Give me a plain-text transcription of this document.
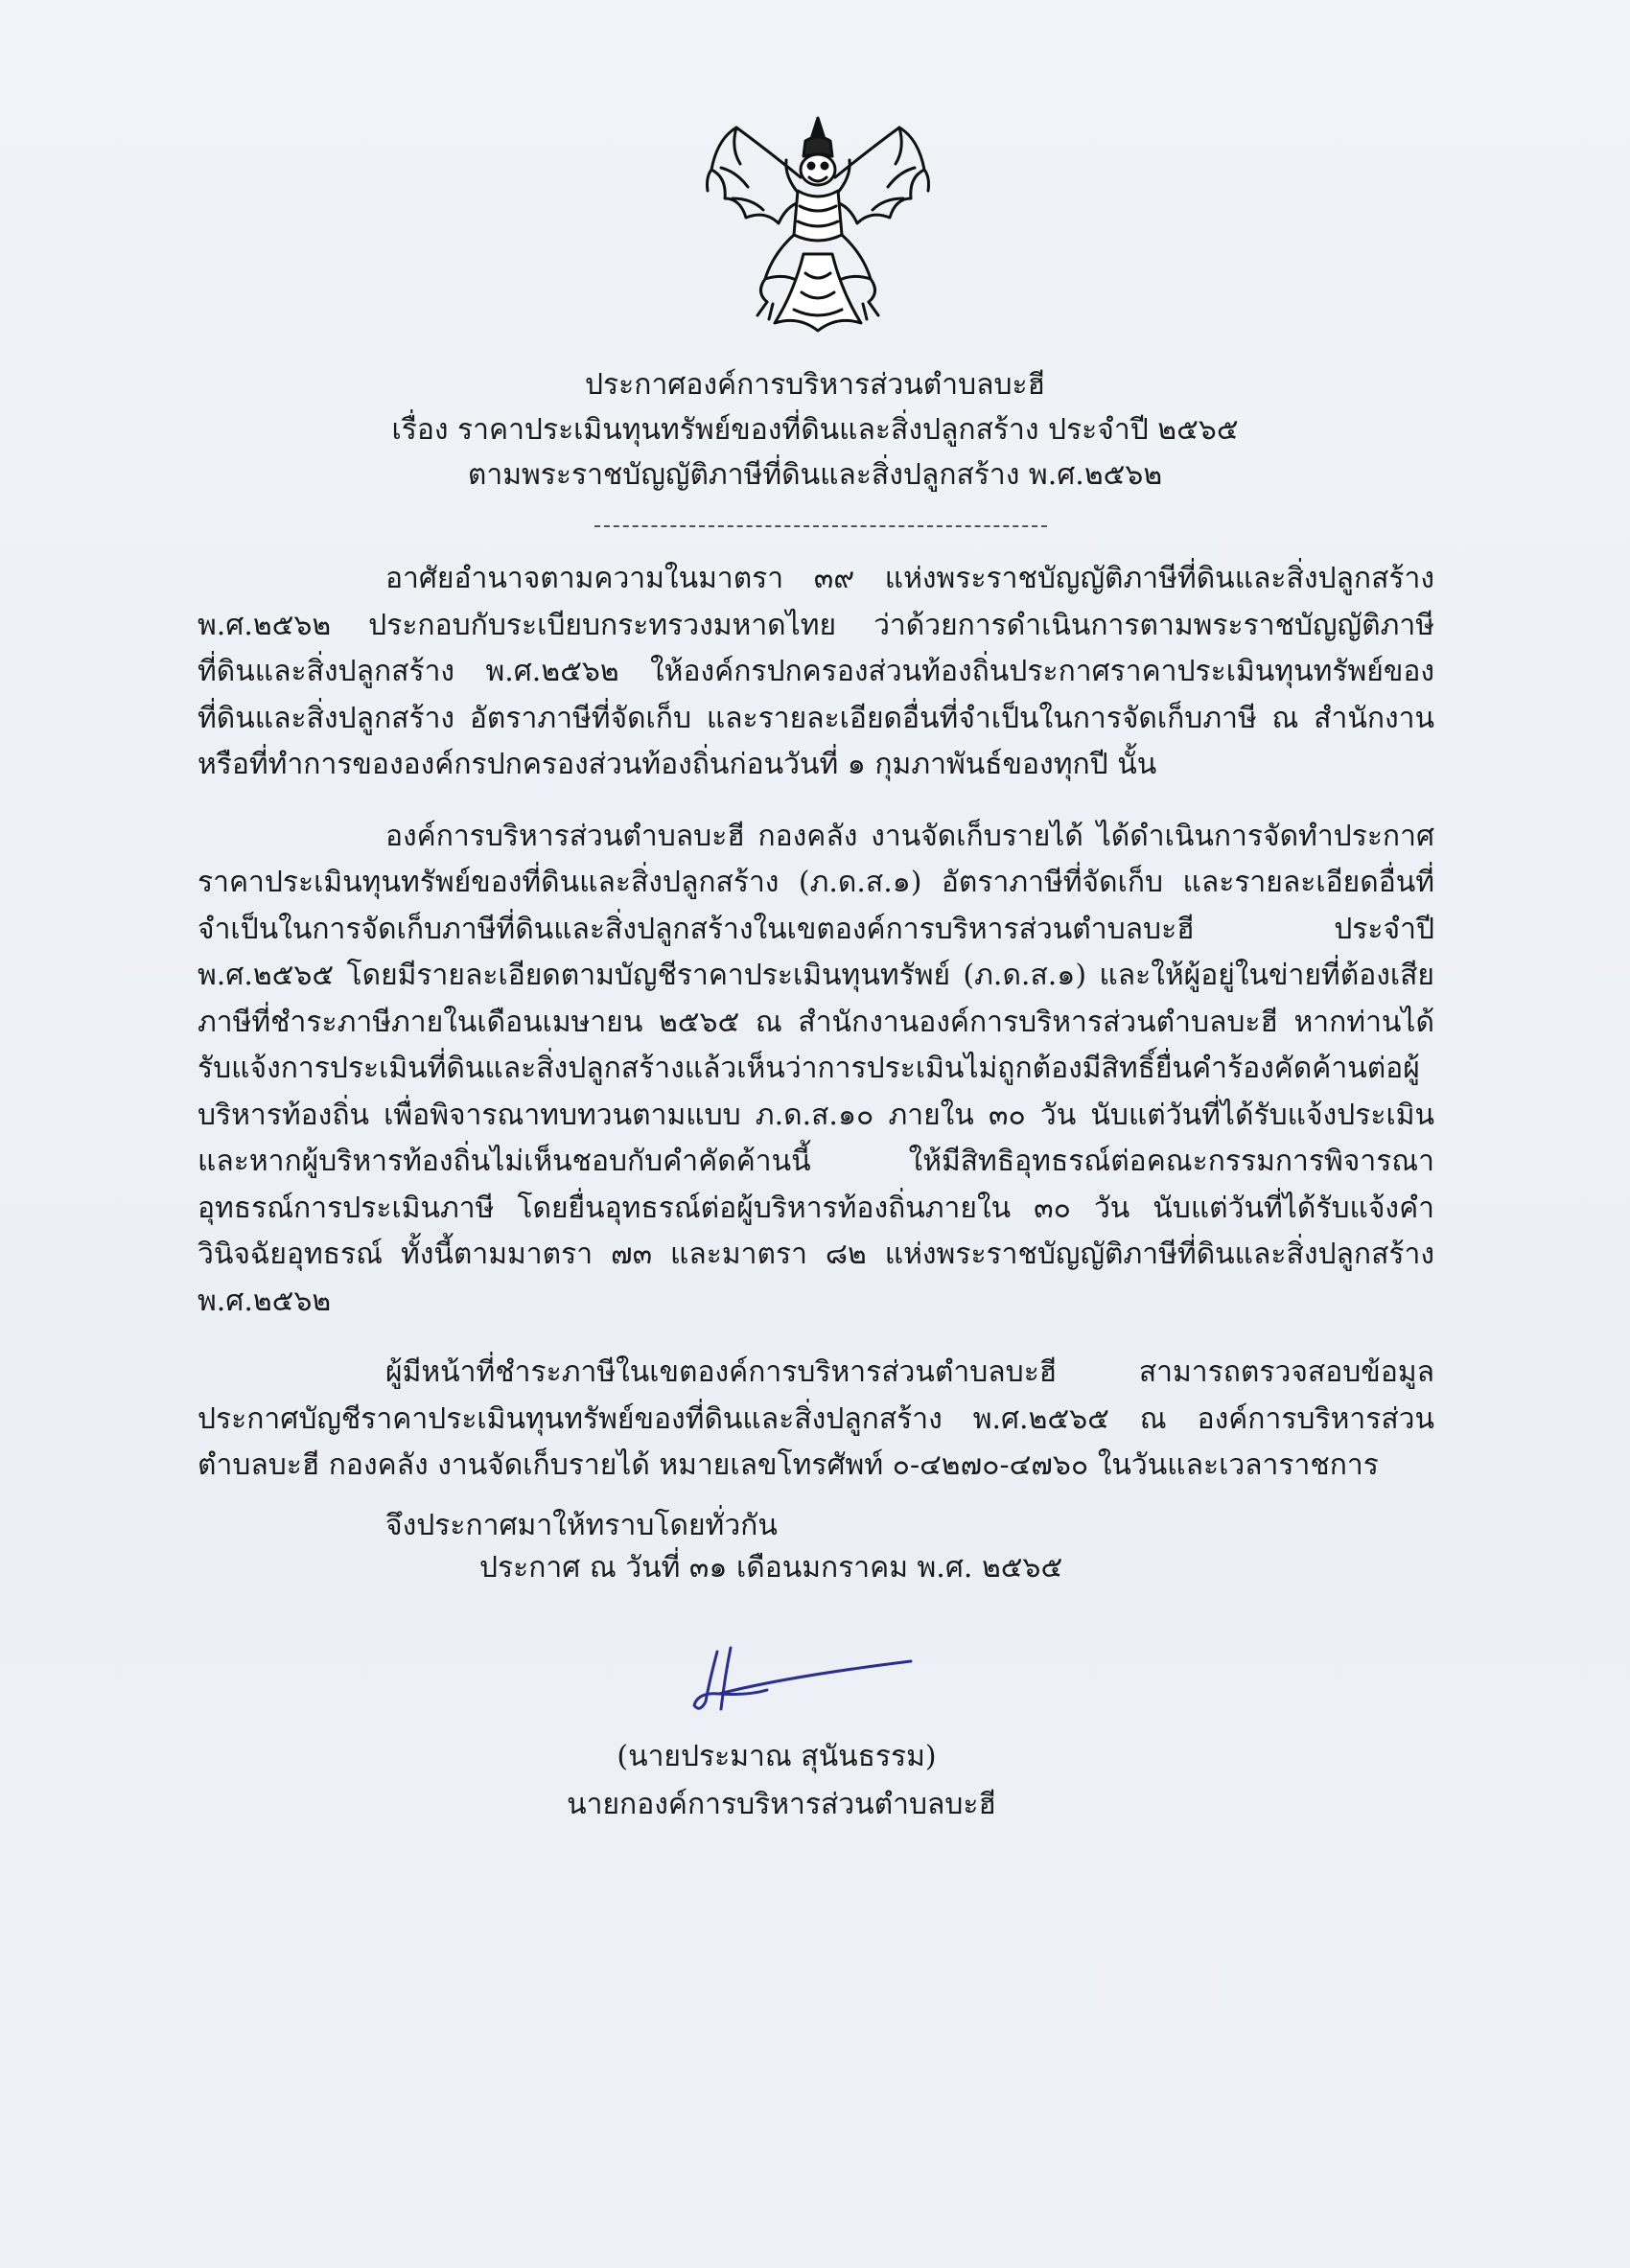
ประกาศองค์การบริหารส่วนตำบลบะฮี
เรื่อง ราคาประเมินทุนทรัพย์ของที่ดินและสิ่งปลูกสร้าง ประจำปี ๒๕๖๕
ตามพระราชบัญญัติภาษีที่ดินและสิ่งปลูกสร้าง พ.ศ.๒๕๖๒

อาศัยอำนาจตามความในมาตรา ๓๙ แห่งพระราชบัญญัติภาษีที่ดินและสิ่งปลูกสร้าง พ.ศ.๒๕๖๒ ประกอบกับระเบียบกระทรวงมหาดไทย ว่าด้วยการดำเนินการตามพระราชบัญญัติภาษีที่ดินและสิ่งปลูกสร้าง พ.ศ.๒๕๖๒ ให้องค์กรปกครองส่วนท้องถิ่นประกาศราคาประเมินทุนทรัพย์ของที่ดินและสิ่งปลูกสร้าง อัตราภาษีที่จัดเก็บ และรายละเอียดอื่นที่จำเป็นในการจัดเก็บภาษี ณ สำนักงานหรือที่ทำการขององค์กรปกครองส่วนท้องถิ่นก่อนวันที่ ๑ กุมภาพันธ์ของทุกปี นั้น

องค์การบริหารส่วนตำบลบะฮี กองคลัง งานจัดเก็บรายได้ ได้ดำเนินการจัดทำประกาศราคาประเมินทุนทรัพย์ของที่ดินและสิ่งปลูกสร้าง (ภ.ด.ส.๑) อัตราภาษีที่จัดเก็บ และรายละเอียดอื่นที่จำเป็นในการจัดเก็บภาษีที่ดินและสิ่งปลูกสร้างในเขตองค์การบริหารส่วนตำบลบะฮี ประจำปี พ.ศ.๒๕๖๕ โดยมีรายละเอียดตามบัญชีราคาประเมินทุนทรัพย์ (ภ.ด.ส.๑) และให้ผู้อยู่ในข่ายที่ต้องเสียภาษีที่ชำระภาษีภายในเดือนเมษายน ๒๕๖๕ ณ สำนักงานองค์การบริหารส่วนตำบลบะฮี หากท่านได้รับแจ้งการประเมินที่ดินและสิ่งปลูกสร้างแล้วเห็นว่าการประเมินไม่ถูกต้องมีสิทธิ์ยื่นคำร้องคัดค้านต่อผู้บริหารท้องถิ่น เพื่อพิจารณาทบทวนตามแบบ ภ.ด.ส.๑๐ ภายใน ๓๐ วัน นับแต่วันที่ได้รับแจ้งประเมิน และหากผู้บริหารท้องถิ่นไม่เห็นชอบกับคำคัดค้านนี้ ให้มีสิทธิอุทธรณ์ต่อคณะกรรมการพิจารณาอุทธรณ์การประเมินภาษี โดยยื่นอุทธรณ์ต่อผู้บริหารท้องถิ่นภายใน ๓๐ วัน นับแต่วันที่ได้รับแจ้งคำวินิจฉัยอุทธรณ์ ทั้งนี้ตามมาตรา ๗๓ และมาตรา ๘๒ แห่งพระราชบัญญัติภาษีที่ดินและสิ่งปลูกสร้าง พ.ศ.๒๕๖๒

ผู้มีหน้าที่ชำระภาษีในเขตองค์การบริหารส่วนตำบลบะฮี สามารถตรวจสอบข้อมูลประกาศบัญชีราคาประเมินทุนทรัพย์ของที่ดินและสิ่งปลูกสร้าง พ.ศ.๒๕๖๕ ณ องค์การบริหารส่วนตำบลบะฮี กองคลัง งานจัดเก็บรายได้ หมายเลขโทรศัพท์ ๐-๔๒๗๐-๔๗๖๐ ในวันและเวลาราชการ

จึงประกาศมาให้ทราบโดยทั่วกัน
ประกาศ ณ วันที่ ๓๑ เดือนมกราคม พ.ศ. ๒๕๖๕
(นายประมาณ สุนันธรรม)
นายกองค์การบริหารส่วนตำบลบะฮี
